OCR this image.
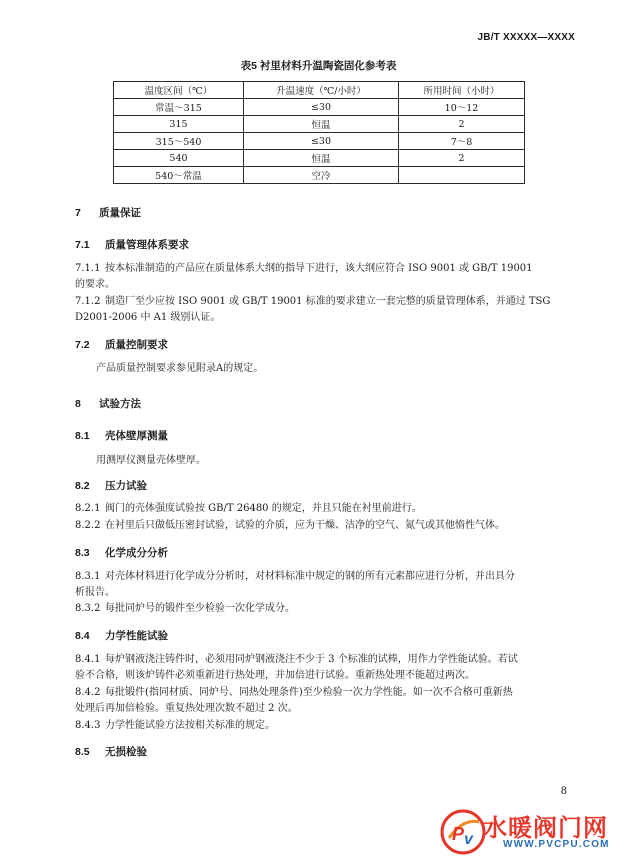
JB/T XXXXX—XXXX
表5 衬里材料升温陶瓷固化参考表
温度区间（℃）	升温速度（℃/小时）	所用时间（小时）
常温～315	≤30	10～12
315	恒温	2
315～540	≤30	7～8
540	恒温	2
540～常温	空冷	
7 质量保证
7.1 质量管理体系要求
7.1.1 按本标准制造的产品应在质量体系大纲的指导下进行，该大纲应符合 ISO 9001 或 GB/T 19001
的要求。
7.1.2 制造厂至少应按 ISO 9001 或 GB/T 19001 标准的要求建立一套完整的质量管理体系，并通过 TSG
D2001-2006 中 A1 级别认证。
7.2 质量控制要求
产品质量控制要求参见附录A的规定。
8 试验方法
8.1 壳体壁厚测量
用测厚仪测量壳体壁厚。
8.2 压力试验
8.2.1 阀门的壳体强度试验按 GB/T 26480 的规定，并且只能在衬里前进行。
8.2.2 在衬里后只做低压密封试验，试验的介质，应为干燥、洁净的空气、氮气或其他惰性气体。
8.3 化学成分分析
8.3.1 对壳体材料进行化学成分分析时，对材料标准中规定的钢的所有元素都应进行分析，并出具分
析报告。
8.3.2 每批同炉号的锻件至少检验一次化学成分。
8.4 力学性能试验
8.4.1 每炉钢液浇注铸件时，必须用同炉钢液浇注不少于 3 个标准的试棒，用作力学性能试验。若试
验不合格，则该炉铸件必须重新进行热处理，并加倍进行试验。重新热处理不能超过两次。
8.4.2 每批锻件(指同材质、同炉号、同热处理条件)至少检验一次力学性能。如一次不合格可重新热
处理后再加倍检验。重复热处理次数不超过 2 次。
8.4.3 力学性能试验方法按相关标准的规定。
8.5 无损检验
8
P v 水暖阀门网
WWW.PVCPU.COM
